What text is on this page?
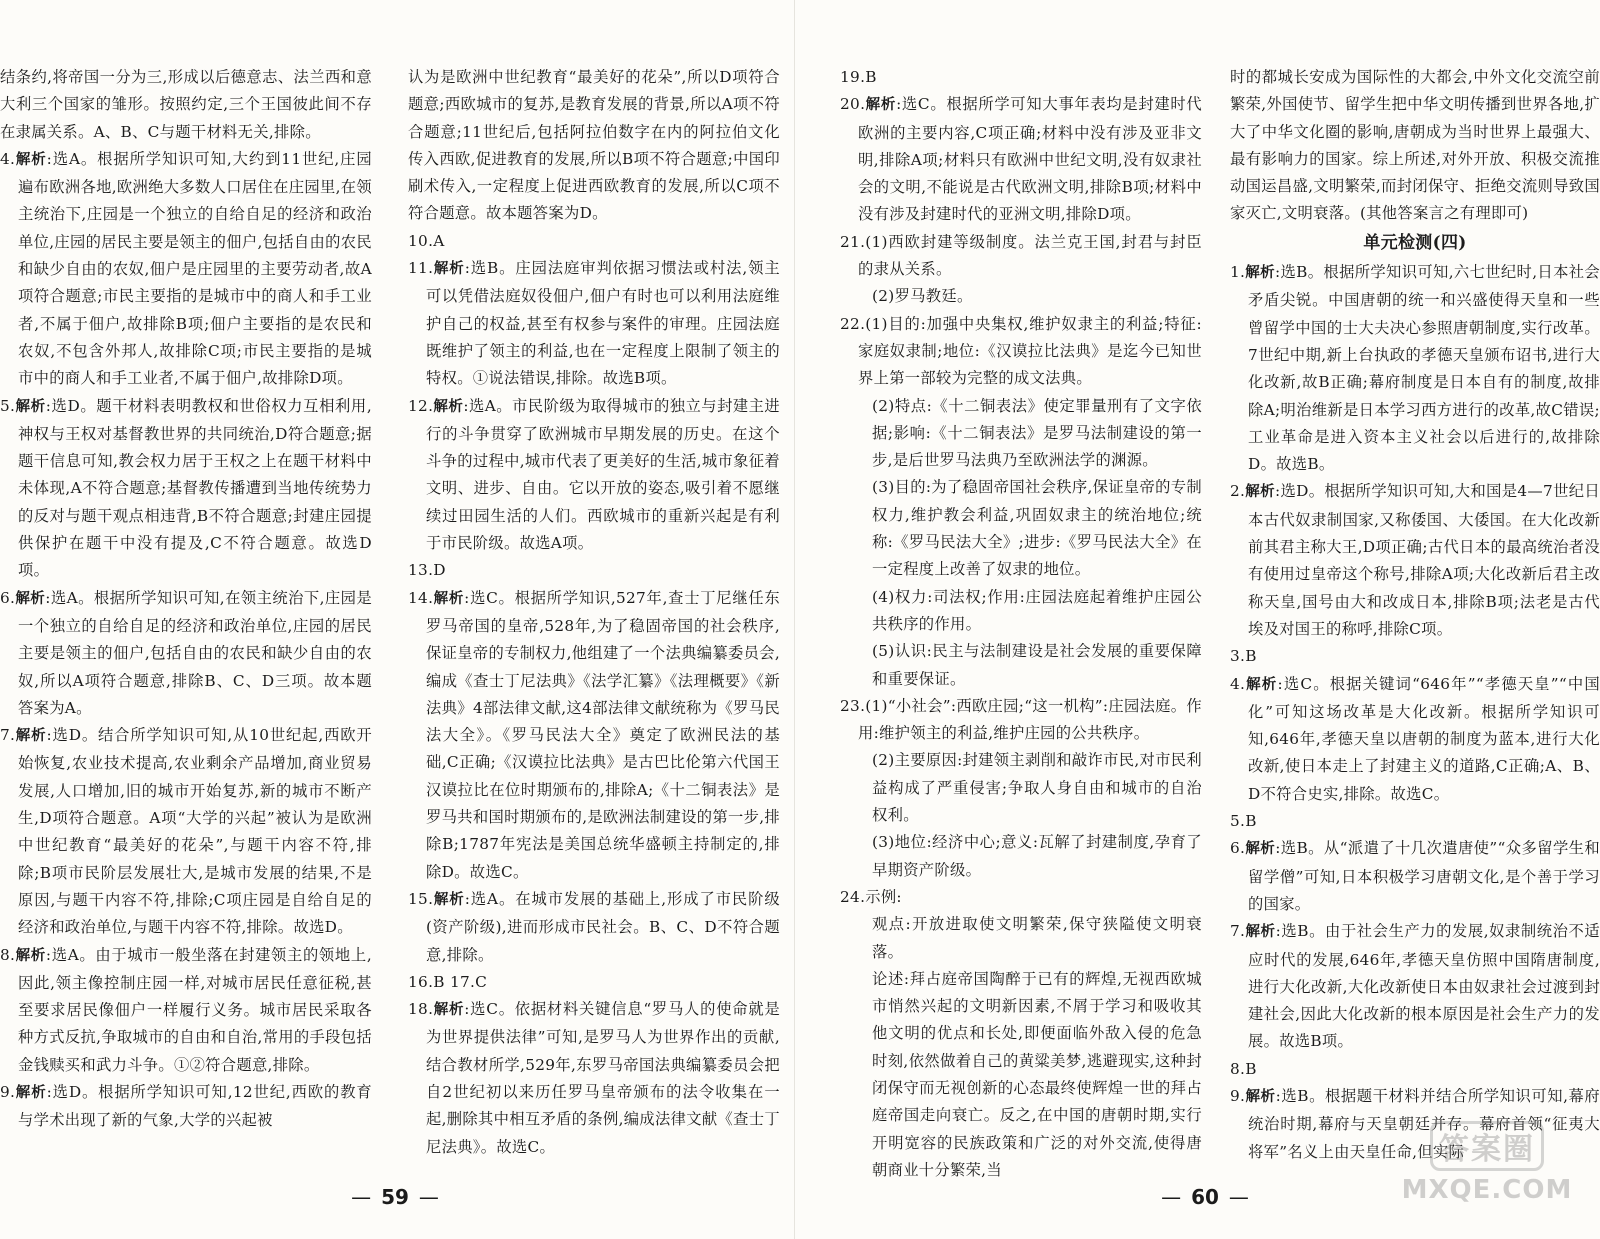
结条约,将帝国一分为三,形成以后德意志、法兰西和意大利三个国家的雏形。按照约定,三个王国彼此间不存在隶属关系。A、B、C与题干材料无关,排除。

4.解析:选A。根据所学知识可知,大约到11世纪,庄园遍布欧洲各地,欧洲绝大多数人口居住在庄园里,在领主统治下,庄园是一个独立的自给自足的经济和政治单位,庄园的居民主要是领主的佃户,包括自由的农民和缺少自由的农奴,佃户是庄园里的主要劳动者,故A项符合题意;市民主要指的是城市中的商人和手工业者,不属于佃户,故排除B项;佃户主要指的是农民和农奴,不包含外邦人,故排除C项;市民主要指的是城市中的商人和手工业者,不属于佃户,故排除D项。

5.解析:选D。题干材料表明教权和世俗权力互相利用,神权与王权对基督教世界的共同统治,D符合题意;据题干信息可知,教会权力居于王权之上在题干材料中未体现,A不符合题意;基督教传播遭到当地传统势力的反对与题干观点相违背,B不符合题意;封建庄园提供保护在题干中没有提及,C不符合题意。故选D项。

6.解析:选A。根据所学知识可知,在领主统治下,庄园是一个独立的自给自足的经济和政治单位,庄园的居民主要是领主的佃户,包括自由的农民和缺少自由的农奴,所以A项符合题意,排除B、C、D三项。故本题答案为A。

7.解析:选D。结合所学知识可知,从10世纪起,西欧开始恢复,农业技术提高,农业剩余产品增加,商业贸易发展,人口增加,旧的城市开始复苏,新的城市不断产生,D项符合题意。A项“大学的兴起”被认为是欧洲中世纪教育“最美好的花朵”,与题干内容不符,排除;B项市民阶层发展壮大,是城市发展的结果,不是原因,与题干内容不符,排除;C项庄园是自给自足的经济和政治单位,与题干内容不符,排除。故选D。

8.解析:选A。由于城市一般坐落在封建领主的领地上,因此,领主像控制庄园一样,对城市居民任意征税,甚至要求居民像佃户一样履行义务。城市居民采取各种方式反抗,争取城市的自由和自治,常用的手段包括金钱赎买和武力斗争。①②符合题意,排除。

9.解析:选D。根据所学知识可知,12世纪,西欧的教育与学术出现了新的气象,大学的兴起被

认为是欧洲中世纪教育“最美好的花朵”,所以D项符合题意;西欧城市的复苏,是教育发展的背景,所以A项不符合题意;11世纪后,包括阿拉伯数字在内的阿拉伯文化传入西欧,促进教育的发展,所以B项不符合题意;中国印刷术传入,一定程度上促进西欧教育的发展,所以C项不符合题意。故本题答案为D。

10.A

11.解析:选B。庄园法庭审判依据习惯法或村法,领主可以凭借法庭奴役佃户,佃户有时也可以利用法庭维护自己的权益,甚至有权参与案件的审理。庄园法庭既维护了领主的利益,也在一定程度上限制了领主的特权。①说法错误,排除。故选B项。

12.解析:选A。市民阶级为取得城市的独立与封建主进行的斗争贯穿了欧洲城市早期发展的历史。在这个斗争的过程中,城市代表了更美好的生活,城市象征着文明、进步、自由。它以开放的姿态,吸引着不愿继续过田园生活的人们。西欧城市的重新兴起是有利于市民阶级。故选A项。

13.D

14.解析:选C。根据所学知识,527年,查士丁尼继任东罗马帝国的皇帝,528年,为了稳固帝国的社会秩序,保证皇帝的专制权力,他组建了一个法典编纂委员会,编成《查士丁尼法典》《法学汇纂》《法理概要》《新法典》4部法律文献,这4部法律文献统称为《罗马民法大全》。《罗马民法大全》奠定了欧洲民法的基础,C正确;《汉谟拉比法典》是古巴比伦第六代国王汉谟拉比在位时期颁布的,排除A;《十二铜表法》是罗马共和国时期颁布的,是欧洲法制建设的第一步,排除B;1787年宪法是美国总统华盛顿主持制定的,排除D。故选C。

15.解析:选A。在城市发展的基础上,形成了市民阶级(资产阶级),进而形成市民社会。B、C、D不符合题意,排除。

16.B 17.C

18.解析:选C。依据材料关键信息“罗马人的使命就是为世界提供法律”可知,是罗马人为世界作出的贡献,结合教材所学,529年,东罗马帝国法典编纂委员会把自2世纪初以来历任罗马皇帝颁布的法令收集在一起,删除其中相互矛盾的条例,编成法律文献《查士丁尼法典》。故选C。

— 59 —

19.B

20.解析:选C。根据所学可知大事年表均是封建时代欧洲的主要内容,C项正确;材料中没有涉及亚非文明,排除A项;材料只有欧洲中世纪文明,没有奴隶社会的文明,不能说是古代欧洲文明,排除B项;材料中没有涉及封建时代的亚洲文明,排除D项。

21.(1)西欧封建等级制度。法兰克王国,封君与封臣的隶从关系。

(2)罗马教廷。

22.(1)目的:加强中央集权,维护奴隶主的利益;特征:家庭奴隶制;地位:《汉谟拉比法典》是迄今已知世界上第一部较为完整的成文法典。

(2)特点:《十二铜表法》使定罪量刑有了文字依据;影响:《十二铜表法》是罗马法制建设的第一步,是后世罗马法典乃至欧洲法学的渊源。

(3)目的:为了稳固帝国社会秩序,保证皇帝的专制权力,维护教会利益,巩固奴隶主的统治地位;统称:《罗马民法大全》;进步:《罗马民法大全》在一定程度上改善了奴隶的地位。

(4)权力:司法权;作用:庄园法庭起着维护庄园公共秩序的作用。

(5)认识:民主与法制建设是社会发展的重要保障和重要保证。

23.(1)“小社会”:西欧庄园;“这一机构”:庄园法庭。作用:维护领主的利益,维护庄园的公共秩序。

(2)主要原因:封建领主剥削和敲诈市民,对市民利益构成了严重侵害;争取人身自由和城市的自治权利。

(3)地位:经济中心;意义:瓦解了封建制度,孕育了早期资产阶级。

24.示例:

观点:开放进取使文明繁荣,保守狭隘使文明衰落。

论述:拜占庭帝国陶醉于已有的辉煌,无视西欧城市悄然兴起的文明新因素,不屑于学习和吸收其他文明的优点和长处,即便面临外敌入侵的危急时刻,依然做着自己的黄粱美梦,逃避现实,这种封闭保守而无视创新的心态最终使辉煌一世的拜占庭帝国走向衰亡。反之,在中国的唐朝时期,实行开明宽容的民族政策和广泛的对外交流,使得唐朝商业十分繁荣,当

时的都城长安成为国际性的大都会,中外文化交流空前繁荣,外国使节、留学生把中华文明传播到世界各地,扩大了中华文化圈的影响,唐朝成为当时世界上最强大、最有影响力的国家。综上所述,对外开放、积极交流推动国运昌盛,文明繁荣,而封闭保守、拒绝交流则导致国家灭亡,文明衰落。(其他答案言之有理即可)

单元检测(四)

1.解析:选B。根据所学知识可知,六七世纪时,日本社会矛盾尖锐。中国唐朝的统一和兴盛使得天皇和一些曾留学中国的士大夫决心参照唐朝制度,实行改革。7世纪中期,新上台执政的孝德天皇颁布诏书,进行大化改新,故B正确;幕府制度是日本自有的制度,故排除A;明治维新是日本学习西方进行的改革,故C错误;工业革命是进入资本主义社会以后进行的,故排除D。故选B。

2.解析:选D。根据所学知识可知,大和国是4—7世纪日本古代奴隶制国家,又称倭国、大倭国。在大化改新前其君主称大王,D项正确;古代日本的最高统治者没有使用过皇帝这个称号,排除A项;大化改新后君主改称天皇,国号由大和改成日本,排除B项;法老是古代埃及对国王的称呼,排除C项。

3.B

4.解析:选C。根据关键词“646年”“孝德天皇”“中国化”可知这场改革是大化改新。根据所学知识可知,646年,孝德天皇以唐朝的制度为蓝本,进行大化改新,使日本走上了封建主义的道路,C正确;A、B、D不符合史实,排除。故选C。

5.B

6.解析:选B。从“派遣了十几次遣唐使”“众多留学生和留学僧”可知,日本积极学习唐朝文化,是个善于学习的国家。

7.解析:选B。由于社会生产力的发展,奴隶制统治不适应时代的发展,646年,孝德天皇仿照中国隋唐制度,进行大化改新,大化改新使日本由奴隶社会过渡到封建社会,因此大化改新的根本原因是社会生产力的发展。故选B项。

8.B

9.解析:选B。根据题干材料并结合所学知识可知,幕府统治时期,幕府与天皇朝廷并存。幕府首领“征夷大将军”名义上由天皇任命,但实际

— 60 —
答案圈
MXQE.COM
